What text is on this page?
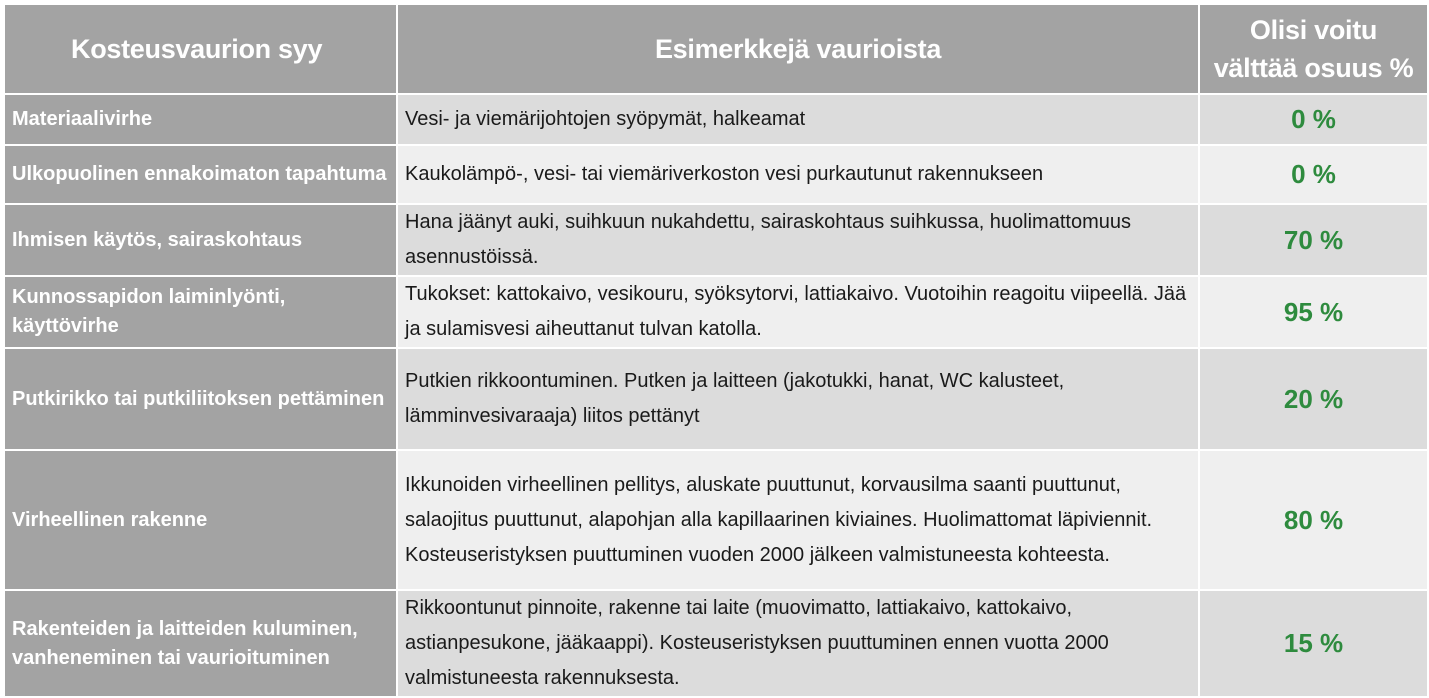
Kosteusvaurion syy	Esimerkkejä vaurioista	Olisi voitu
välttää osuus %

Materiaalivirhe	Vesi- ja viemärijohtojen syöpymät, halkeamat	0 %
Ulkopuolinen ennakoimaton tapahtuma	Kaukolämpö-, vesi- tai viemäriverkoston vesi purkautunut rakennukseen	0 %
Ihmisen käytös, sairaskohtaus	Hana jäänyt auki, suihkuun nukahdettu, sairaskohtaus suihkussa, huolimattomuus asennustöissä.	70 %
Kunnossapidon laiminlyönti, käyttövirhe	Tukokset: kattokaivo, vesikouru, syöksytorvi, lattiakaivo. Vuotoihin reagoitu viipeellä. Jää ja sulamisvesi aiheuttanut tulvan katolla.	95 %
Putkirikko tai putkiliitoksen pettäminen	Putkien rikkoontuminen. Putken ja laitteen (jakotukki, hanat, WC kalusteet, lämminvesivaraaja) liitos pettänyt	20 %
Virheellinen rakenne	Ikkunoiden virheellinen pellitys, aluskate puuttunut, korvausilma saanti puuttunut, salaojitus puuttunut, alapohjan alla kapillaarinen kiviaines. Huolimattomat läpiviennit. Kosteuseristyksen puuttuminen vuoden 2000 jälkeen valmistuneesta kohteesta.	80 %
Rakenteiden ja laitteiden kuluminen, vanheneminen tai vaurioituminen	Rikkoontunut pinnoite, rakenne tai laite (muovimatto, lattiakaivo, kattokaivo, astianpesukone, jääkaappi). Kosteuseristyksen puuttuminen ennen vuotta 2000 valmistuneesta rakennuksesta.	15 %
